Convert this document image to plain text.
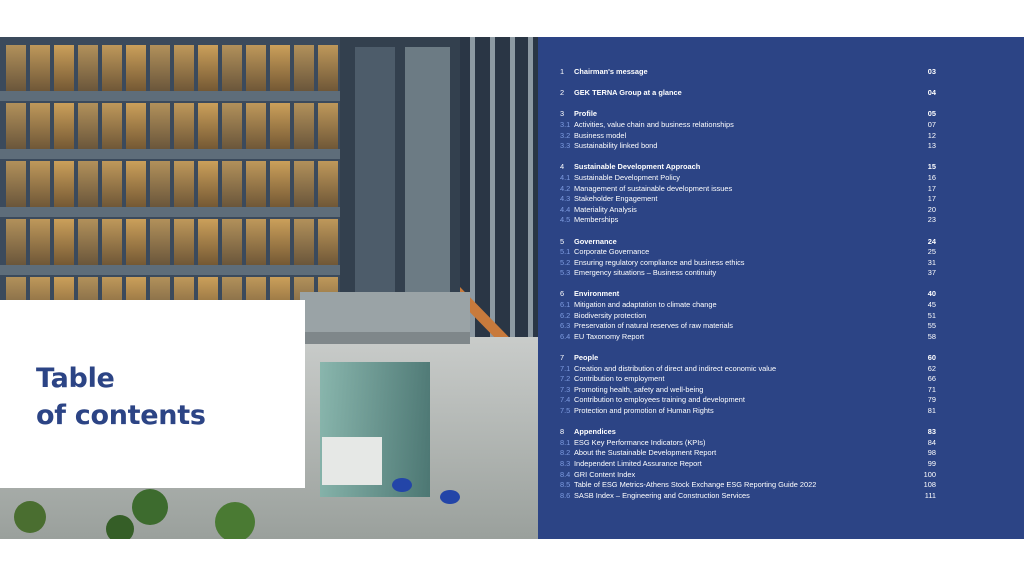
Table
of contents
1	Chairman's message	03
2	GEK TERNA Group at a glance	04
3	Profile	05
3.1 Activities, value chain and business relationships	07
3.2 Business model	12
3.3 Sustainability linked bond	13
4	Sustainable Development Approach	15
4.1 Sustainable Development Policy	16
4.2 Management of sustainable development issues	17
4.3 Stakeholder Engagement	17
4.4 Materiality Analysis	20
4.5 Memberships	23
5	Governance	24
5.1 Corporate Governance	25
5.2 Ensuring regulatory compliance and business ethics	31
5.3 Emergency situations – Business continuity	37
6	Environment	40
6.1 Mitigation and adaptation to climate change	45
6.2 Biodiversity protection	51
6.3 Preservation of natural reserves of raw materials	55
6.4 EU Taxonomy Report	58
7	People	60
7.1 Creation and distribution of direct and indirect economic value	62
7.2 Contribution to employment	66
7.3 Promoting health, safety and well-being	71
7.4 Contribution to employees training and development	79
7.5 Protection and promotion of Human Rights	81
8	Appendices	83
8.1 ESG Key Performance Indicators (KPIs)	84
8.2 About the Sustainable Development Report	98
8.3 Independent Limited Assurance Report	99
8.4 GRI Content Index	100
8.5 Table of ESG Metrics-Athens Stock Exchange ESG Reporting Guide 2022	108
8.6 SASB Index – Engineering and Construction Services	111
